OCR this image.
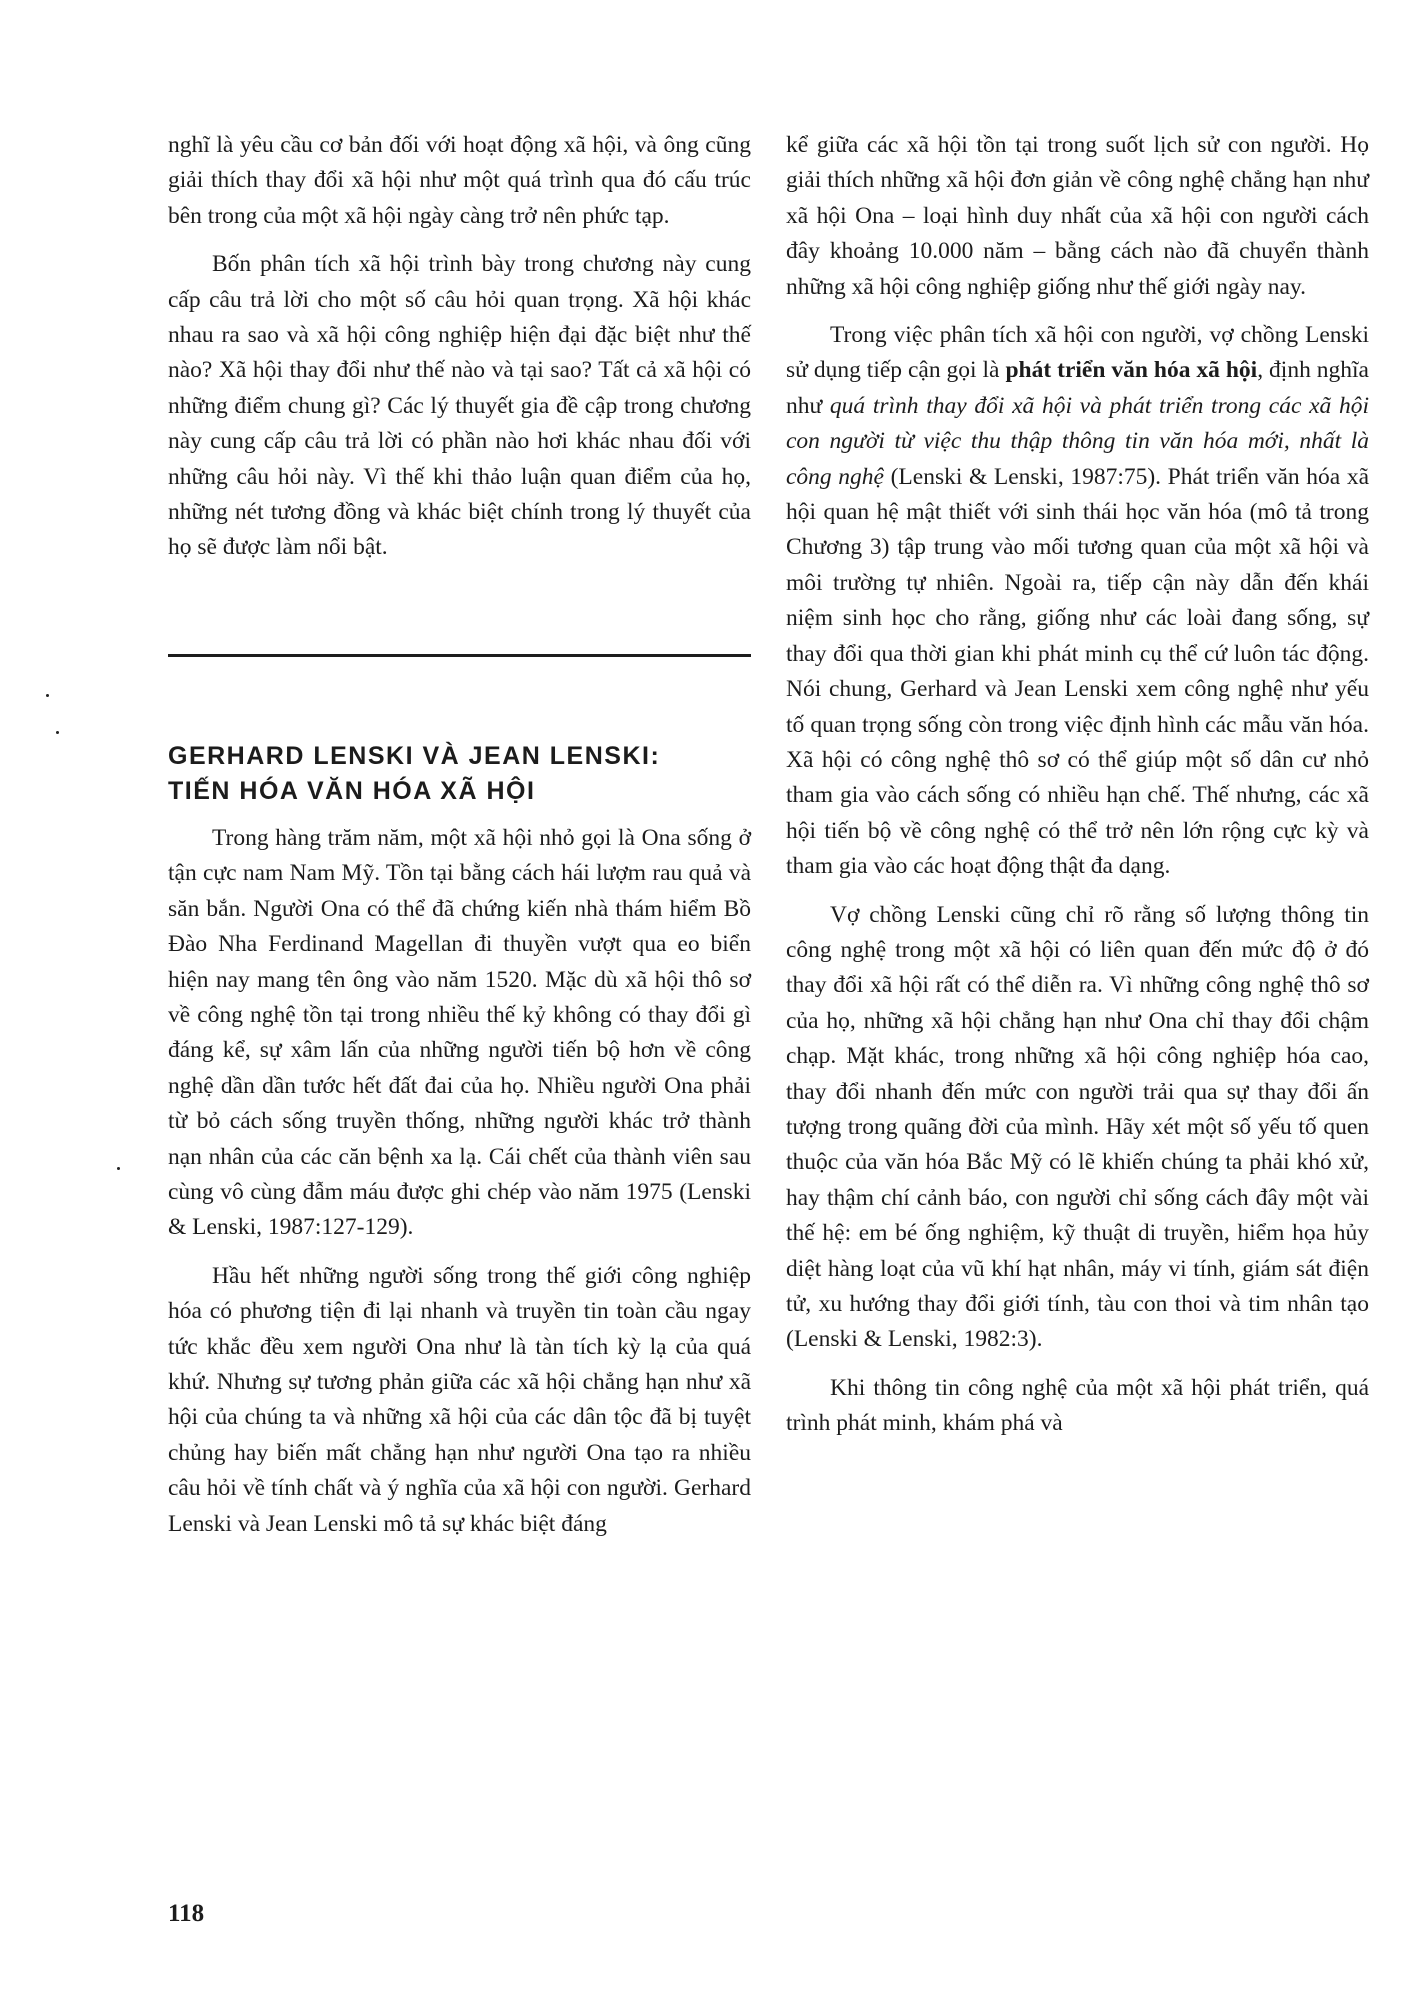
nghĩ là yêu cầu cơ bản đối với hoạt động xã hội, và ông cũng giải thích thay đổi xã hội như một quá trình qua đó cấu trúc bên trong của một xã hội ngày càng trở nên phức tạp.

Bốn phân tích xã hội trình bày trong chương này cung cấp câu trả lời cho một số câu hỏi quan trọng. Xã hội khác nhau ra sao và xã hội công nghiệp hiện đại đặc biệt như thế nào? Xã hội thay đổi như thế nào và tại sao? Tất cả xã hội có những điểm chung gì? Các lý thuyết gia đề cập trong chương này cung cấp câu trả lời có phần nào hơi khác nhau đối với những câu hỏi này. Vì thế khi thảo luận quan điểm của họ, những nét tương đồng và khác biệt chính trong lý thuyết của họ sẽ được làm nổi bật.

GERHARD LENSKI VÀ JEAN LENSKI:
TIẾN HÓA VĂN HÓA XÃ HỘI

Trong hàng trăm năm, một xã hội nhỏ gọi là Ona sống ở tận cực nam Nam Mỹ. Tồn tại bằng cách hái lượm rau quả và săn bắn. Người Ona có thể đã chứng kiến nhà thám hiểm Bồ Đào Nha Ferdinand Magellan đi thuyền vượt qua eo biển hiện nay mang tên ông vào năm 1520. Mặc dù xã hội thô sơ về công nghệ tồn tại trong nhiều thế kỷ không có thay đổi gì đáng kể, sự xâm lấn của những người tiến bộ hơn về công nghệ dần dần tước hết đất đai của họ. Nhiều người Ona phải từ bỏ cách sống truyền thống, những người khác trở thành nạn nhân của các căn bệnh xa lạ. Cái chết của thành viên sau cùng vô cùng đẫm máu được ghi chép vào năm 1975 (Lenski & Lenski, 1987:127-129).

Hầu hết những người sống trong thế giới công nghiệp hóa có phương tiện đi lại nhanh và truyền tin toàn cầu ngay tức khắc đều xem người Ona như là tàn tích kỳ lạ của quá khứ. Nhưng sự tương phản giữa các xã hội chẳng hạn như xã hội của chúng ta và những xã hội của các dân tộc đã bị tuyệt chủng hay biến mất chẳng hạn như người Ona tạo ra nhiều câu hỏi về tính chất và ý nghĩa của xã hội con người. Gerhard Lenski và Jean Lenski mô tả sự khác biệt đáng

kể giữa các xã hội tồn tại trong suốt lịch sử con người. Họ giải thích những xã hội đơn giản về công nghệ chẳng hạn như xã hội Ona – loại hình duy nhất của xã hội con người cách đây khoảng 10.000 năm – bằng cách nào đã chuyển thành những xã hội công nghiệp giống như thế giới ngày nay.

Trong việc phân tích xã hội con người, vợ chồng Lenski sử dụng tiếp cận gọi là phát triển văn hóa xã hội, định nghĩa như quá trình thay đổi xã hội và phát triển trong các xã hội con người từ việc thu thập thông tin văn hóa mới, nhất là công nghệ (Lenski & Lenski, 1987:75). Phát triển văn hóa xã hội quan hệ mật thiết với sinh thái học văn hóa (mô tả trong Chương 3) tập trung vào mối tương quan của một xã hội và môi trường tự nhiên. Ngoài ra, tiếp cận này dẫn đến khái niệm sinh học cho rằng, giống như các loài đang sống, sự thay đổi qua thời gian khi phát minh cụ thể cứ luôn tác động. Nói chung, Gerhard và Jean Lenski xem công nghệ như yếu tố quan trọng sống còn trong việc định hình các mẫu văn hóa. Xã hội có công nghệ thô sơ có thể giúp một số dân cư nhỏ tham gia vào cách sống có nhiều hạn chế. Thế nhưng, các xã hội tiến bộ về công nghệ có thể trở nên lớn rộng cực kỳ và tham gia vào các hoạt động thật đa dạng.

Vợ chồng Lenski cũng chỉ rõ rằng số lượng thông tin công nghệ trong một xã hội có liên quan đến mức độ ở đó thay đổi xã hội rất có thể diễn ra. Vì những công nghệ thô sơ của họ, những xã hội chẳng hạn như Ona chỉ thay đổi chậm chạp. Mặt khác, trong những xã hội công nghiệp hóa cao, thay đổi nhanh đến mức con người trải qua sự thay đổi ấn tượng trong quãng đời của mình. Hãy xét một số yếu tố quen thuộc của văn hóa Bắc Mỹ có lẽ khiến chúng ta phải khó xử, hay thậm chí cảnh báo, con người chỉ sống cách đây một vài thế hệ: em bé ống nghiệm, kỹ thuật di truyền, hiểm họa hủy diệt hàng loạt của vũ khí hạt nhân, máy vi tính, giám sát điện tử, xu hướng thay đổi giới tính, tàu con thoi và tim nhân tạo (Lenski & Lenski, 1982:3).

Khi thông tin công nghệ của một xã hội phát triển, quá trình phát minh, khám phá và

118
